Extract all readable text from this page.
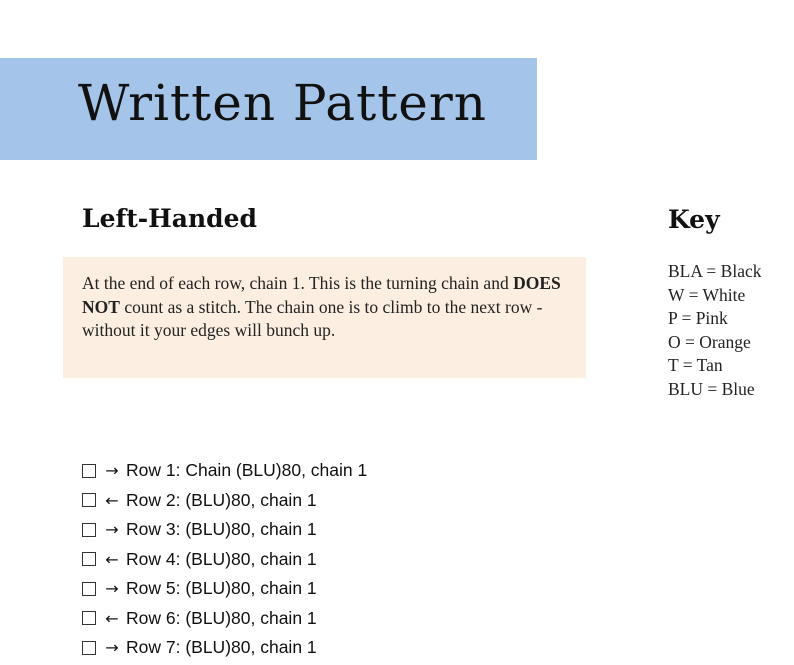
Written Pattern
Left-Handed
At the end of each row, chain 1. This is the turning chain and DOES NOT count as a stitch. The chain one is to climb to the next row - without it your edges will bunch up.
Key
BLA = Black
W = White
P = Pink
O = Orange
T = Tan
BLU = Blue
→ Row 1: Chain (BLU)80, chain 1
← Row 2: (BLU)80, chain 1
→ Row 3: (BLU)80, chain 1
← Row 4: (BLU)80, chain 1
→ Row 5: (BLU)80, chain 1
← Row 6: (BLU)80, chain 1
→ Row 7: (BLU)80, chain 1
